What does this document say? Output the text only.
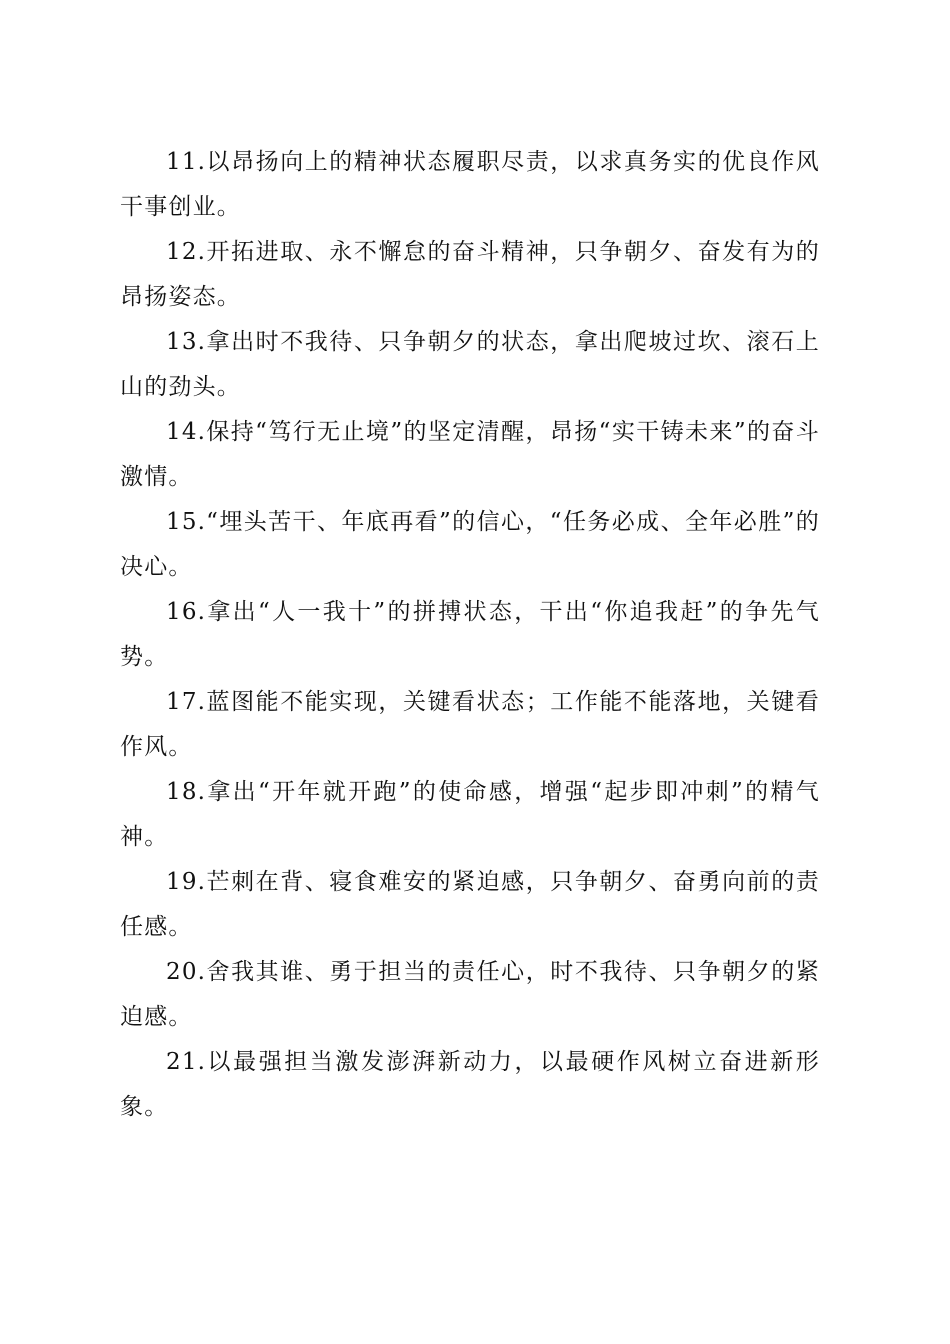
11.以昂扬向上的精神状态履职尽责，以求真务实的优良作风干事创业。

12.开拓进取、永不懈怠的奋斗精神，只争朝夕、奋发有为的昂扬姿态。

13.拿出时不我待、只争朝夕的状态，拿出爬坡过坎、滚石上山的劲头。

14.保持“笃行无止境”的坚定清醒，昂扬“实干铸未来”的奋斗激情。

15.“埋头苦干、年底再看”的信心，“任务必成、全年必胜”的决心。

16.拿出“人一我十”的拼搏状态，干出“你追我赶”的争先气势。

17.蓝图能不能实现，关键看状态；工作能不能落地，关键看作风。

18.拿出“开年就开跑”的使命感，增强“起步即冲刺”的精气神。

19.芒刺在背、寝食难安的紧迫感，只争朝夕、奋勇向前的责任感。

20.舍我其谁、勇于担当的责任心，时不我待、只争朝夕的紧迫感。

21.以最强担当激发澎湃新动力，以最硬作风树立奋进新形象。
